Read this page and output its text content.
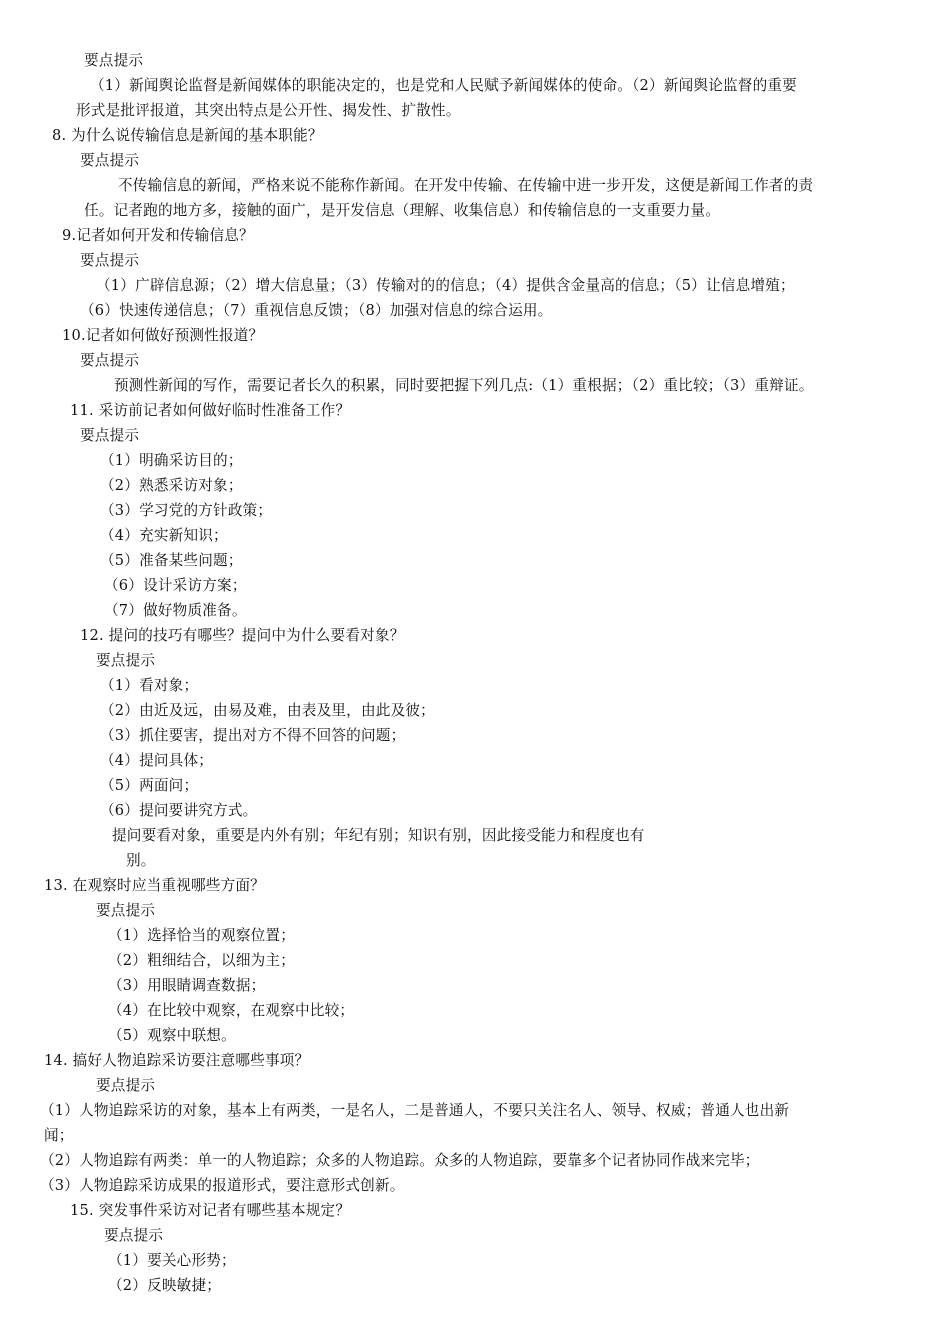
要点提示
（1）新闻舆论监督是新闻媒体的职能决定的，也是党和人民赋予新闻媒体的使命。（2）新闻舆论监督的重要
形式是批评报道，其突出特点是公开性、揭发性、扩散性。
8. 为什么说传输信息是新闻的基本职能？
要点提示
不传输信息的新闻，严格来说不能称作新闻。在开发中传输、在传输中进一步开发，这便是新闻工作者的责
任。记者跑的地方多，接触的面广，是开发信息（理解、收集信息）和传输信息的一支重要力量。
9.记者如何开发和传输信息？
要点提示
（1）广辟信息源；（2）增大信息量；（3）传输对的的信息；（4）提供含金量高的信息；（5）让信息增殖；
（6）快速传递信息；（7）重视信息反馈；（8）加强对信息的综合运用。
10.记者如何做好预测性报道？
要点提示
预测性新闻的写作，需要记者长久的积累，同时要把握下列几点:（1）重根据；（2）重比较；（3）重辩证。
11. 采访前记者如何做好临时性准备工作？
要点提示
（1）明确采访目的；
（2）熟悉采访对象；
（3）学习党的方针政策；
（4）充实新知识；
（5）准备某些问题；
（6）设计采访方案；
（7）做好物质准备。
12. 提问的技巧有哪些？提问中为什么要看对象？
要点提示
（1）看对象；
（2）由近及远，由易及难，由表及里，由此及彼；
（3）抓住要害，提出对方不得不回答的问题；
（4）提问具体；
（5）两面问；
（6）提问要讲究方式。
提问要看对象，重要是内外有别；年纪有别；知识有别，因此接受能力和程度也有
别。
13. 在观察时应当重视哪些方面？
要点提示
（1）选择恰当的观察位置；
（2）粗细结合，以细为主；
（3）用眼睛调查数据；
（4）在比较中观察，在观察中比较；
（5）观察中联想。
14. 搞好人物追踪采访要注意哪些事项？
要点提示
（1）人物追踪采访的对象，基本上有两类，一是名人，二是普通人，不要只关注名人、领导、权威；普通人也出新
闻；
（2）人物追踪有两类：单一的人物追踪；众多的人物追踪。众多的人物追踪，要靠多个记者协同作战来完毕；
（3）人物追踪采访成果的报道形式，要注意形式创新。
15. 突发事件采访对记者有哪些基本规定？
要点提示
（1）要关心形势；
（2）反映敏捷；
